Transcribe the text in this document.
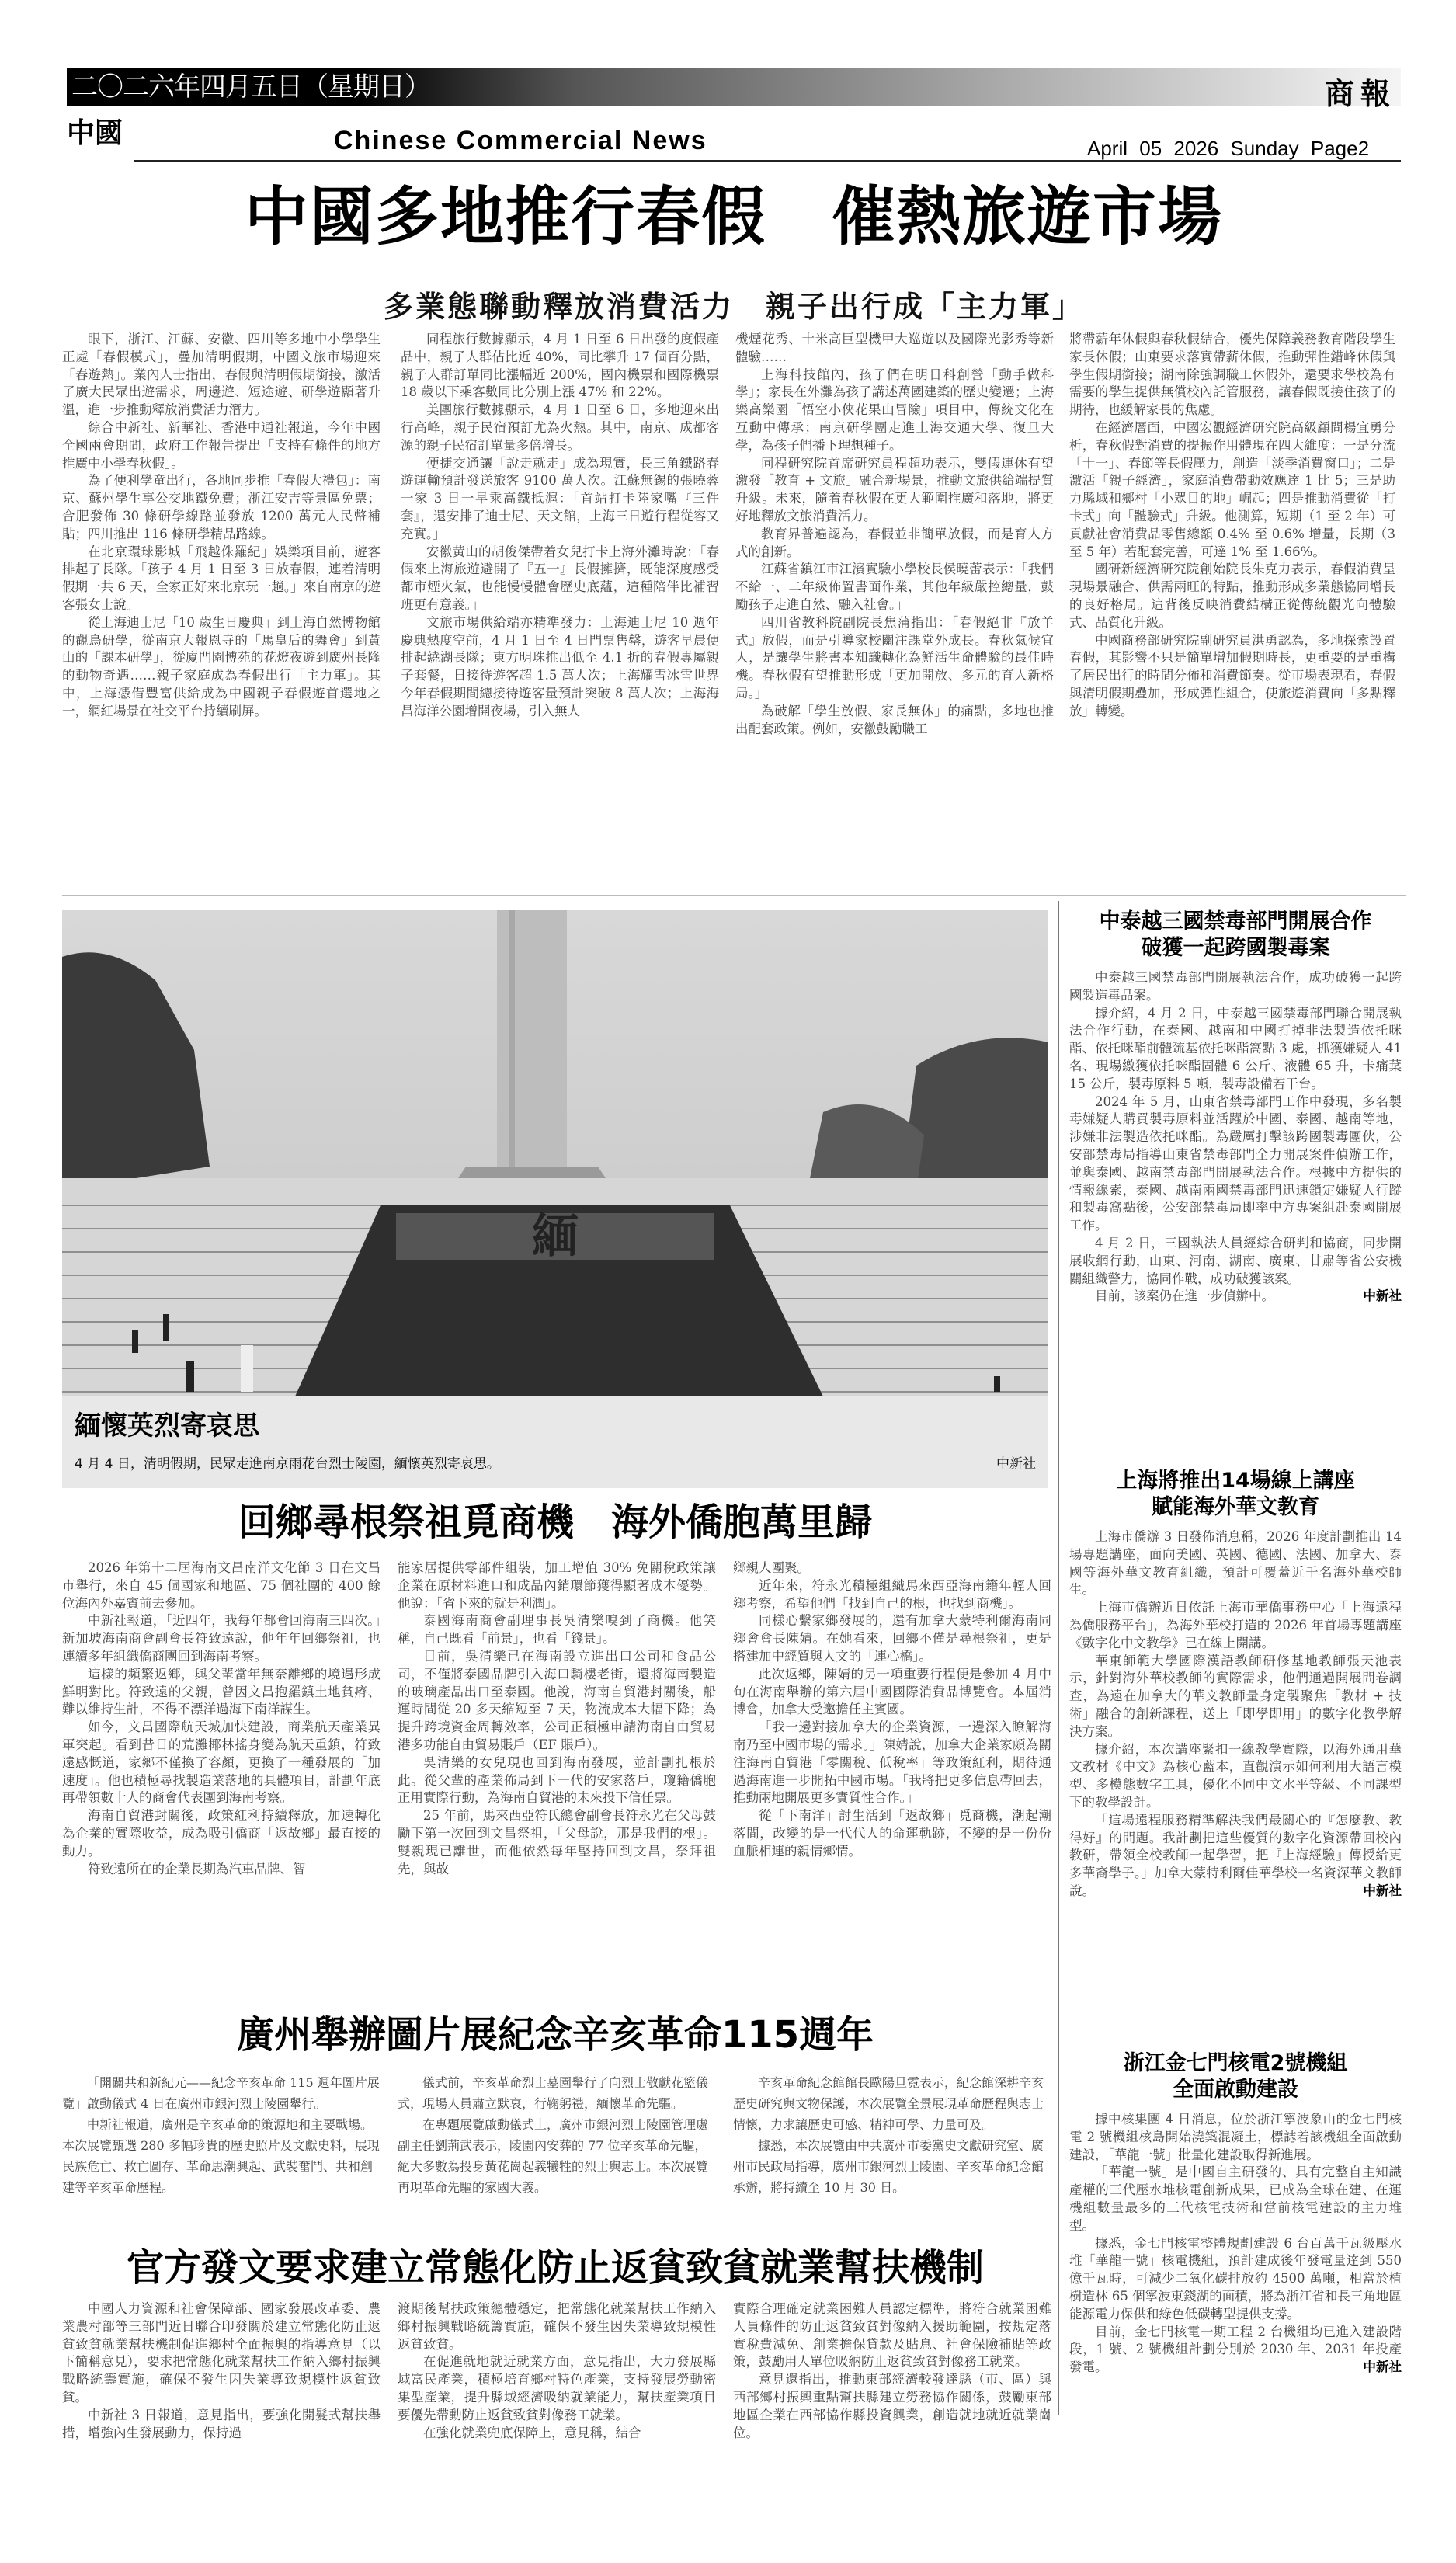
二〇二六年四月五日（星期日）	商報
中國	Chinese Commercial News	April 05 2026 Sunday Page2
中國多地推行春假　催熱旅遊市場
多業態聯動釋放消費活力　親子出行成「主力軍」

眼下，浙江、江蘇、安徽、四川等多地中小學學生正處「春假模式」，疊加清明假期，中國文旅市場迎來「春遊熱」。業內人士指出，春假與清明假期銜接，激活了廣大民眾出遊需求，周邊遊、短途遊、研學遊顯著升溫，進一步推動釋放消費活力潛力。

綜合中新社、新華社、香港中通社報道，今年中國全國兩會期間，政府工作報告提出「支持有條件的地方推廣中小學春秋假」。

為了便利學童出行，各地同步推「春假大禮包」：南京、蘇州學生享公交地鐵免費；浙江安吉等景區免票；合肥發佈 30 條研學線路並發放 1200 萬元人民幣補貼；四川推出 116 條研學精品路線。

在北京環球影城「飛越侏羅紀」娛樂項目前，遊客排起了長隊。「孩子 4 月 1 日至 3 日放春假，連着清明假期一共 6 天，全家正好來北京玩一趟。」來自南京的遊客張女士說。

從上海迪士尼「10 歲生日慶典」到上海自然博物館的觀鳥研學，從南京大報恩寺的「馬皇后的舞會」到黃山的「課本研學」，從廈門園博苑的花燈夜遊到廣州長隆的動物奇遇……親子家庭成為春假出行「主力軍」。其中，上海憑借豐富供給成為中國親子春假遊首選地之一，網紅場景在社交平台持續刷屏。

同程旅行數據顯示，4 月 1 日至 6 日出發的度假產品中，親子人群佔比近 40%，同比攀升 17 個百分點，親子人群訂單同比漲幅近 200%，國內機票和國際機票 18 歲以下乘客數同比分別上漲 47% 和 22%。

美團旅行數據顯示，4 月 1 日至 6 日，多地迎來出行高峰，親子民宿預訂尤為火熱。其中，南京、成都客源的親子民宿訂單量多倍增長。

便捷交通讓「說走就走」成為現實，長三角鐵路春遊運輸預計發送旅客 9100 萬人次。江蘇無錫的張曉蓉一家 3 日一早乘高鐵抵滬：「首站打卡陸家嘴『三件套』，還安排了迪士尼、天文館，上海三日遊行程從容又充實。」

安徽黃山的胡俊傑帶着女兒打卡上海外灘時說：「春假來上海旅遊避開了『五一』長假擁擠，既能深度感受都市煙火氣，也能慢慢體會歷史底蘊，這種陪伴比補習班更有意義。」

文旅市場供給端亦精準發力：上海迪士尼 10 週年慶典熱度空前，4 月 1 日至 4 日門票售罄，遊客早晨便排起繞湖長隊；東方明珠推出低至 4.1 折的春假專屬親子套餐，日接待遊客超 1.5 萬人次；上海耀雪冰雪世界今年春假期間總接待遊客量預計突破 8 萬人次；上海海昌海洋公園增開夜場，引入無人

機煙花秀、十米高巨型機甲大巡遊以及國際光影秀等新體驗……

上海科技館內，孩子們在明日科創營「動手做科學」；家長在外灘為孩子講述萬國建築的歷史變遷；上海樂高樂園「悟空小俠花果山冒險」項目中，傳統文化在互動中傳承；南京研學團走進上海交通大學、復旦大學，為孩子們播下理想種子。

同程研究院首席研究員程超功表示，雙假連休有望激發「教育 + 文旅」融合新場景，推動文旅供給端提質升級。未來，隨着春秋假在更大範圍推廣和落地，將更好地釋放文旅消費活力。

教育界普遍認為，春假並非簡單放假，而是育人方式的創新。

江蘇省鎮江市江濱實驗小學校長侯曉蕾表示：「我們不給一、二年級佈置書面作業，其他年級嚴控總量，鼓勵孩子走進自然、融入社會。」

四川省教科院副院長焦蒲指出：「春假絕非『放羊式』放假，而是引導家校關注課堂外成長。春秋氣候宜人，是讓學生將書本知識轉化為鮮活生命體驗的最佳時機。春秋假有望推動形成「更加開放、多元的育人新格局。」

為破解「學生放假、家長無休」的痛點，多地也推出配套政策。例如，安徽鼓勵職工

將帶薪年休假與春秋假結合，優先保障義務教育階段學生家長休假；山東要求落實帶薪休假，推動彈性錯峰休假與學生假期銜接；湖南除強調職工休假外，還要求學校為有需要的學生提供無償校內託管服務，讓春假既接住孩子的期待，也緩解家長的焦慮。

在經濟層面，中國宏觀經濟研究院高級顧問楊宜勇分析，春秋假對消費的提振作用體現在四大維度：一是分流「十一」、春節等長假壓力，創造「淡季消費窗口」；二是激活「親子經濟」，家庭消費帶動效應達 1 比 5；三是助力縣域和鄉村「小眾目的地」崛起；四是推動消費從「打卡式」向「體驗式」升級。他測算，短期（1 至 2 年）可貢獻社會消費品零售總額 0.4% 至 0.6% 增量，長期（3 至 5 年）若配套完善，可達 1% 至 1.66%。

國研新經濟研究院創始院長朱克力表示，春假消費呈現場景融合、供需兩旺的特點，推動形成多業態協同增長的良好格局。這背後反映消費結構正從傳統觀光向體驗式、品質化升級。

中國商務部研究院副研究員洪勇認為，多地探索設置春假，其影響不只是簡單增加假期時長，更重要的是重構了居民出行的時間分佈和消費節奏。從市場表現看，春假與清明假期疊加，形成彈性組合，使旅遊消費向「多點釋放」轉變。

緬
緬懷英烈寄哀思
4 月 4 日，清明假期，民眾走進南京雨花台烈士陵園，緬懷英烈寄哀思。	中新社
回鄉尋根祭祖覓商機　海外僑胞萬里歸

2026 年第十二屆海南文昌南洋文化節 3 日在文昌市舉行，來自 45 個國家和地區、75 個社團的 400 餘位海內外嘉賓前去參加。

中新社報道，「近四年，我每年都會回海南三四次。」新加坡海南商會副會長符致遠說，他年年回鄉祭祖，也連續多年組織僑商團回到海南考察。

這樣的頻繁返鄉，與父輩當年無奈離鄉的境遇形成鮮明對比。符致遠的父親，曾因文昌抱羅鎮土地貧瘠、難以維持生計，不得不漂洋過海下南洋謀生。

如今，文昌國際航天城加快建設，商業航天產業異軍突起。看到昔日的荒灘椰林搖身變為航天重鎮，符致遠感慨道，家鄉不僅換了容顏，更換了一種發展的「加速度」。他也積極尋找製造業落地的具體項目，計劃年底再帶領數十人的商會代表團到海南考察。

海南自貿港封關後，政策紅利持續釋放，加速轉化為企業的實際收益，成為吸引僑商「返故鄉」最直接的動力。

符致遠所在的企業長期為汽車品牌、智

能家居提供零部件組裝，加工增值 30% 免關稅政策讓企業在原材料進口和成品內銷環節獲得顯著成本優勢。他說：「省下來的就是利潤」。

泰國海南商會副理事長吳清樂嗅到了商機。他笑稱，自己既看「前景」，也看「錢景」。

目前，吳清樂已在海南設立進出口公司和食品公司，不僅將泰國品牌引入海口騎樓老街，還將海南製造的玻璃產品出口至泰國。他說，海南自貿港封關後，船運時間從 20 多天縮短至 7 天，物流成本大幅下降；為提升跨境資金周轉效率，公司正積極申請海南自由貿易港多功能自由貿易賬戶（EF 賬戶）。

吳清樂的女兒現也回到海南發展，並計劃扎根於此。從父輩的產業佈局到下一代的安家落戶，瓊籍僑胞正用實際行動，為海南自貿港的未來投下信任票。

25 年前，馬來西亞符氏總會副會長符永光在父母鼓勵下第一次回到文昌祭祖，「父母說，那是我們的根」。雙親現已離世，而他依然每年堅持回到文昌，祭拜祖先，與故

鄉親人團聚。

近年來，符永光積極組織馬來西亞海南籍年輕人回鄉考察，希望他們「找到自己的根，也找到商機」。

同樣心繫家鄉發展的，還有加拿大蒙特利爾海南同鄉會會長陳婧。在她看來，回鄉不僅是尋根祭祖，更是搭建加中經貿與人文的「連心橋」。

此次返鄉，陳婧的另一項重要行程便是參加 4 月中旬在海南舉辦的第六屆中國國際消費品博覽會。本屆消博會，加拿大受邀擔任主賓國。

「我一邊對接加拿大的企業資源，一邊深入瞭解海南乃至中國市場的需求。」陳婧說，加拿大企業家頗為關注海南自貿港「零關稅、低稅率」等政策紅利，期待通過海南進一步開拓中國市場。「我將把更多信息帶回去，推動兩地開展更多實質性合作。」

從「下南洋」討生活到「返故鄉」覓商機，潮起潮落間，改變的是一代代人的命運軌跡，不變的是一份份血脈相連的親情鄉情。

廣州舉辦圖片展紀念辛亥革命115週年

「開闢共和新紀元——紀念辛亥革命 115 週年圖片展覽」啟動儀式 4 日在廣州市銀河烈士陵園舉行。

中新社報道，廣州是辛亥革命的策源地和主要戰場。本次展覽甄選 280 多幅珍貴的歷史照片及文獻史料，展現民族危亡、救亡圖存、革命思潮興起、武裝奮鬥、共和創建等辛亥革命歷程。

儀式前，辛亥革命烈士墓園舉行了向烈士敬獻花籃儀式，現場人員肅立默哀，行鞠躬禮，緬懷革命先驅。

在專題展覽啟動儀式上，廣州市銀河烈士陵園管理處副主任劉荊武表示，陵園內安葬的 77 位辛亥革命先驅，絕大多數為投身黃花崗起義犧牲的烈士與志士。本次展覽再現革命先驅的家國大義。

辛亥革命紀念館館長歐陽旦霓表示，紀念館深耕辛亥歷史研究與文物保護，本次展覽全景展現革命歷程與志士情懷，力求讓歷史可感、精神可學、力量可及。

據悉，本次展覽由中共廣州市委黨史文獻研究室、廣州市民政局指導，廣州市銀河烈士陵園、辛亥革命紀念館承辦，將持續至 10 月 30 日。

官方發文要求建立常態化防止返貧致貧就業幫扶機制

中國人力資源和社會保障部、國家發展改革委、農業農村部等三部門近日聯合印發關於建立常態化防止返貧致貧就業幫扶機制促進鄉村全面振興的指導意見（以下簡稱意見），要求把常態化就業幫扶工作納入鄉村振興戰略統籌實施，確保不發生因失業導致規模性返貧致貧。

中新社 3 日報道，意見指出，要強化開髮式幫扶舉措，增強內生發展動力，保持過

渡期後幫扶政策總體穩定，把常態化就業幫扶工作納入鄉村振興戰略統籌實施，確保不發生因失業導致規模性返貧致貧。

在促進就地就近就業方面，意見指出，大力發展縣域富民產業，積極培育鄉村特色產業，支持發展勞動密集型產業，提升縣域經濟吸納就業能力，幫扶產業項目要優先帶動防止返貧致貧對像務工就業。

在強化就業兜底保障上，意見稱，結合

實際合理確定就業困難人員認定標準，將符合就業困難人員條件的防止返貧致貧對像納入援助範圍，按規定落實稅費減免、創業擔保貸款及貼息、社會保險補貼等政策，鼓勵用人單位吸納防止返貧致貧對像務工就業。

意見還指出，推動東部經濟較發達縣（市、區）與西部鄉村振興重點幫扶縣建立勞務協作關係，鼓勵東部地區企業在西部協作縣投資興業，創造就地就近就業崗位。

中泰越三國禁毒部門開展合作
破獲一起跨國製毒案

中泰越三國禁毒部門開展執法合作，成功破獲一起跨國製造毒品案。

據介紹，4 月 2 日，中泰越三國禁毒部門聯合開展執法合作行動，在泰國、越南和中國打掉非法製造依托咪酯、依托咪酯前體巯基依托咪酯窩點 3 處，抓獲嫌疑人 41 名、現場繳獲依托咪酯固體 6 公斤、液體 65 升，卡痛葉 15 公斤，製毒原料 5 噸，製毒設備若干台。

2024 年 5 月，山東省禁毒部門工作中發現，多名製毒嫌疑人購買製毒原料並活躍於中國、泰國、越南等地，涉嫌非法製造依托咪酯。為嚴厲打擊該跨國製毒團伙，公安部禁毒局指導山東省禁毒部門全力開展案件偵辦工作，並與泰國、越南禁毒部門開展執法合作。根據中方提供的情報線索，泰國、越南兩國禁毒部門迅速鎖定嫌疑人行蹤和製毒窩點後，公安部禁毒局即率中方專案組赴泰國開展工作。

4 月 2 日，三國執法人員經綜合研判和協商，同步開展收網行動，山東、河南、湖南、廣東、甘肅等省公安機關組織警力，協同作戰，成功破獲該案。

目前，該案仍在進一步偵辦中。	中新社

上海將推出14場線上講座
賦能海外華文教育

上海市僑辦 3 日發佈消息稱，2026 年度計劃推出 14 場專題講座，面向美國、英國、德國、法國、加拿大、泰國等海外華文教育組織，預計可覆蓋近千名海外華校師生。

上海市僑辦近日依託上海市華僑事務中心「上海遠程為僑服務平台」，為海外華校打造的 2026 年首場專題講座《數字化中文教學》已在線上開講。

華東師範大學國際漢語教師研修基地教師張天池表示，針對海外華校教師的實際需求，他們通過開展問卷調查，為遠在加拿大的華文教師量身定製聚焦「教材 + 技術」融合的創新課程，送上「即學即用」的數字化教學解決方案。

據介紹，本次講座緊扣一線教學實際，以海外通用華文教材《中文》為核心藍本，直觀演示如何利用大語言模型、多模態數字工具，優化不同中文水平等級、不同課型下的教學設計。

「這場遠程服務精準解決我們最關心的『怎麼教、教得好』的問題。我計劃把這些優質的數字化資源帶回校內教研，帶領全校教師一起學習，把『上海經驗』傳授給更多華裔學子。」加拿大蒙特利爾佳華學校一名資深華文教師說。	中新社

浙江金七門核電2號機組
全面啟動建設

據中核集團 4 日消息，位於浙江寧波象山的金七門核電 2 號機組核島開始澆築混凝土，標誌着該機組全面啟動建設，「華龍一號」批量化建設取得新進展。

「華龍一號」是中國自主研發的、具有完整自主知識產權的三代壓水堆核電創新成果，已成為全球在建、在運機組數量最多的三代核電技術和當前核電建設的主力堆型。

據悉，金七門核電整體規劃建設 6 台百萬千瓦級壓水堆「華龍一號」核電機組，預計建成後年發電量達到 550 億千瓦時，可減少二氧化碳排放約 4500 萬噸，相當於植樹造林 65 個寧波東錢湖的面積，將為浙江省和長三角地區能源電力保供和綠色低碳轉型提供支撐。

目前，金七門核電一期工程 2 台機組均已進入建設階段，1 號、2 號機組計劃分別於 2030 年、2031 年投產發電。	中新社
